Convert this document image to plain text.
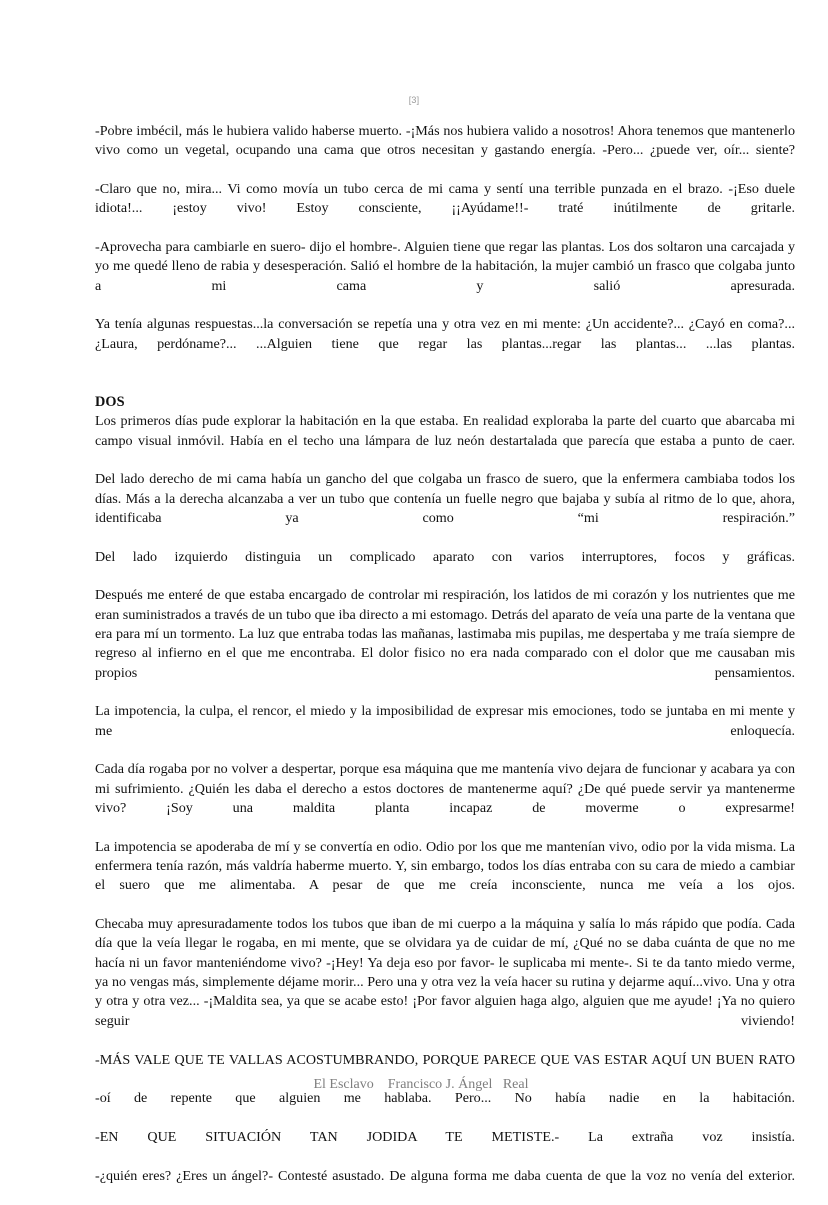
[3]

-Pobre imbécil, más le hubiera valido haberse muerto. -¡Más nos hubiera valido a nosotros! Ahora tenemos que mantenerlo vivo como un vegetal, ocupando una cama que otros necesitan y gastando energía. -Pero... ¿puede ver, oír... siente?

-Claro que no, mira... Vi como movía un tubo cerca de mi cama y sentí una terrible punzada en el brazo. -¡Eso duele idiota!... ¡estoy vivo! Estoy consciente, ¡¡Ayúdame!!- traté inútilmente de gritarle.

-Aprovecha para cambiarle en suero- dijo el hombre-. Alguien tiene que regar las plantas. Los dos soltaron una carcajada y yo me quedé lleno de rabia y desesperación. Salió el hombre de la habitación, la mujer cambió un frasco que colgaba junto a mi cama y salió apresurada.

Ya tenía algunas respuestas...la conversación se repetía una y otra vez en mi mente: ¿Un accidente?... ¿Cayó en coma?... ¿Laura, perdóname?... ...Alguien tiene que regar las plantas...regar las plantas... ...las plantas.

DOS

Los primeros días pude explorar la habitación en la que estaba. En realidad exploraba la parte del cuarto que abarcaba mi campo visual inmóvil. Había en el techo una lámpara de luz neón destartalada que parecía que estaba a punto de caer.

Del lado derecho de mi cama había un gancho del que colgaba un frasco de suero, que la enfermera cambiaba todos los días. Más a la derecha alcanzaba a ver un tubo que contenía un fuelle negro que bajaba y subía al ritmo de lo que, ahora, identificaba ya como “mi respiración.”

Del lado izquierdo distinguia un complicado aparato con varios interruptores, focos y gráficas.

Después me enteré de que estaba encargado de controlar mi respiración, los latidos de mi corazón y los nutrientes que me eran suministrados a través de un tubo que iba directo a mi estomago. Detrás del aparato de veía una parte de la ventana que era para mí un tormento. La luz que entraba todas las mañanas, lastimaba mis pupilas, me despertaba y me traía siempre de regreso al infierno en el que me encontraba. El dolor fisico no era nada comparado con el dolor que me causaban mis propios pensamientos.

La impotencia, la culpa, el rencor, el miedo y la imposibilidad de expresar mis emociones, todo se juntaba en mi mente y me enloquecía.

Cada día rogaba por no volver a despertar, porque esa máquina que me mantenía vivo dejara de funcionar y acabara ya con mi sufrimiento. ¿Quién les daba el derecho a estos doctores de mantenerme aquí? ¿De qué puede servir ya mantenerme vivo? ¡Soy una maldita planta incapaz de moverme o expresarme!

La impotencia se apoderaba de mí y se convertía en odio. Odio por los que me mantenían vivo, odio por la vida misma. La enfermera tenía razón, más valdría haberme muerto. Y, sin embargo, todos los días entraba con su cara de miedo a cambiar el suero que me alimentaba. A pesar de que me creía inconsciente, nunca me veía a los ojos.

Checaba muy apresuradamente todos los tubos que iban de mi cuerpo a la máquina y salía lo más rápido que podía. Cada día que la veía llegar le rogaba, en mi mente, que se olvidara ya de cuidar de mí, ¿Qué no se daba cuánta de que no me hacía ni un favor manteniéndome vivo? -¡Hey! Ya deja eso por favor- le suplicaba mi mente-. Si te da tanto miedo verme, ya no vengas más, simplemente déjame morir... Pero una y otra vez la veía hacer su rutina y dejarme aquí...vivo. Una y otra y otra y otra vez... -¡Maldita sea, ya que se acabe esto! ¡Por favor alguien haga algo, alguien que me ayude! ¡Ya no quiero seguir viviendo!

-MÁS VALE QUE TE VALLAS ACOSTUMBRANDO, PORQUE PARECE QUE VAS ESTAR AQUÍ UN BUEN RATO

-oí de repente que alguien me hablaba. Pero... No había nadie en la habitación.

-EN QUE SITUACIÓN TAN JODIDA TE METISTE.- La extraña voz insistía.

-¿quién eres? ¿Eres un ángel?- Contesté asustado. De alguna forma me daba cuenta de que la voz no venía del exterior.

El Esclavo    Francisco J. Ángel   Real
